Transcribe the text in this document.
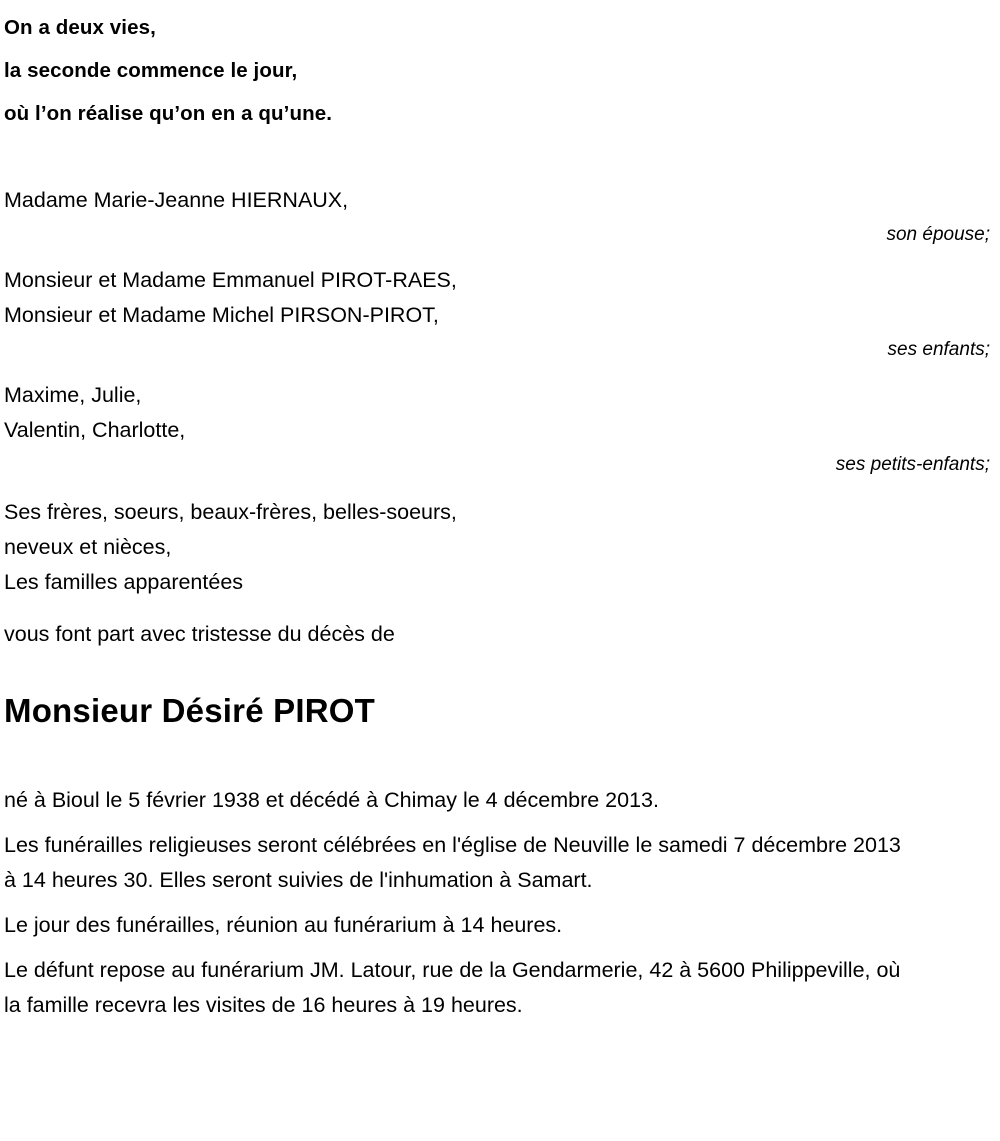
On a deux vies,
la seconde commence le jour,
où l’on réalise qu’on en a qu’une.
Madame Marie-Jeanne HIERNAUX,
son épouse;
Monsieur et Madame Emmanuel PIROT-RAES,
Monsieur et Madame Michel PIRSON-PIROT,
ses enfants;
Maxime, Julie,
Valentin, Charlotte,
ses petits-enfants;
Ses frères, soeurs, beaux-frères, belles-soeurs,
neveux et nièces,
Les familles apparentées
vous font part avec tristesse du décès de
Monsieur Désiré PIROT

né à Bioul le 5 février 1938 et décédé à Chimay le 4 décembre 2013.

Les funérailles religieuses seront célébrées en l'église de Neuville le samedi 7 décembre 2013 à 14 heures 30. Elles seront suivies de l'inhumation à Samart.

Le jour des funérailles, réunion au funérarium à 14 heures.

Le défunt repose au funérarium JM. Latour, rue de la Gendarmerie, 42 à 5600 Philippeville, où la famille recevra les visites de 16 heures à 19 heures.
